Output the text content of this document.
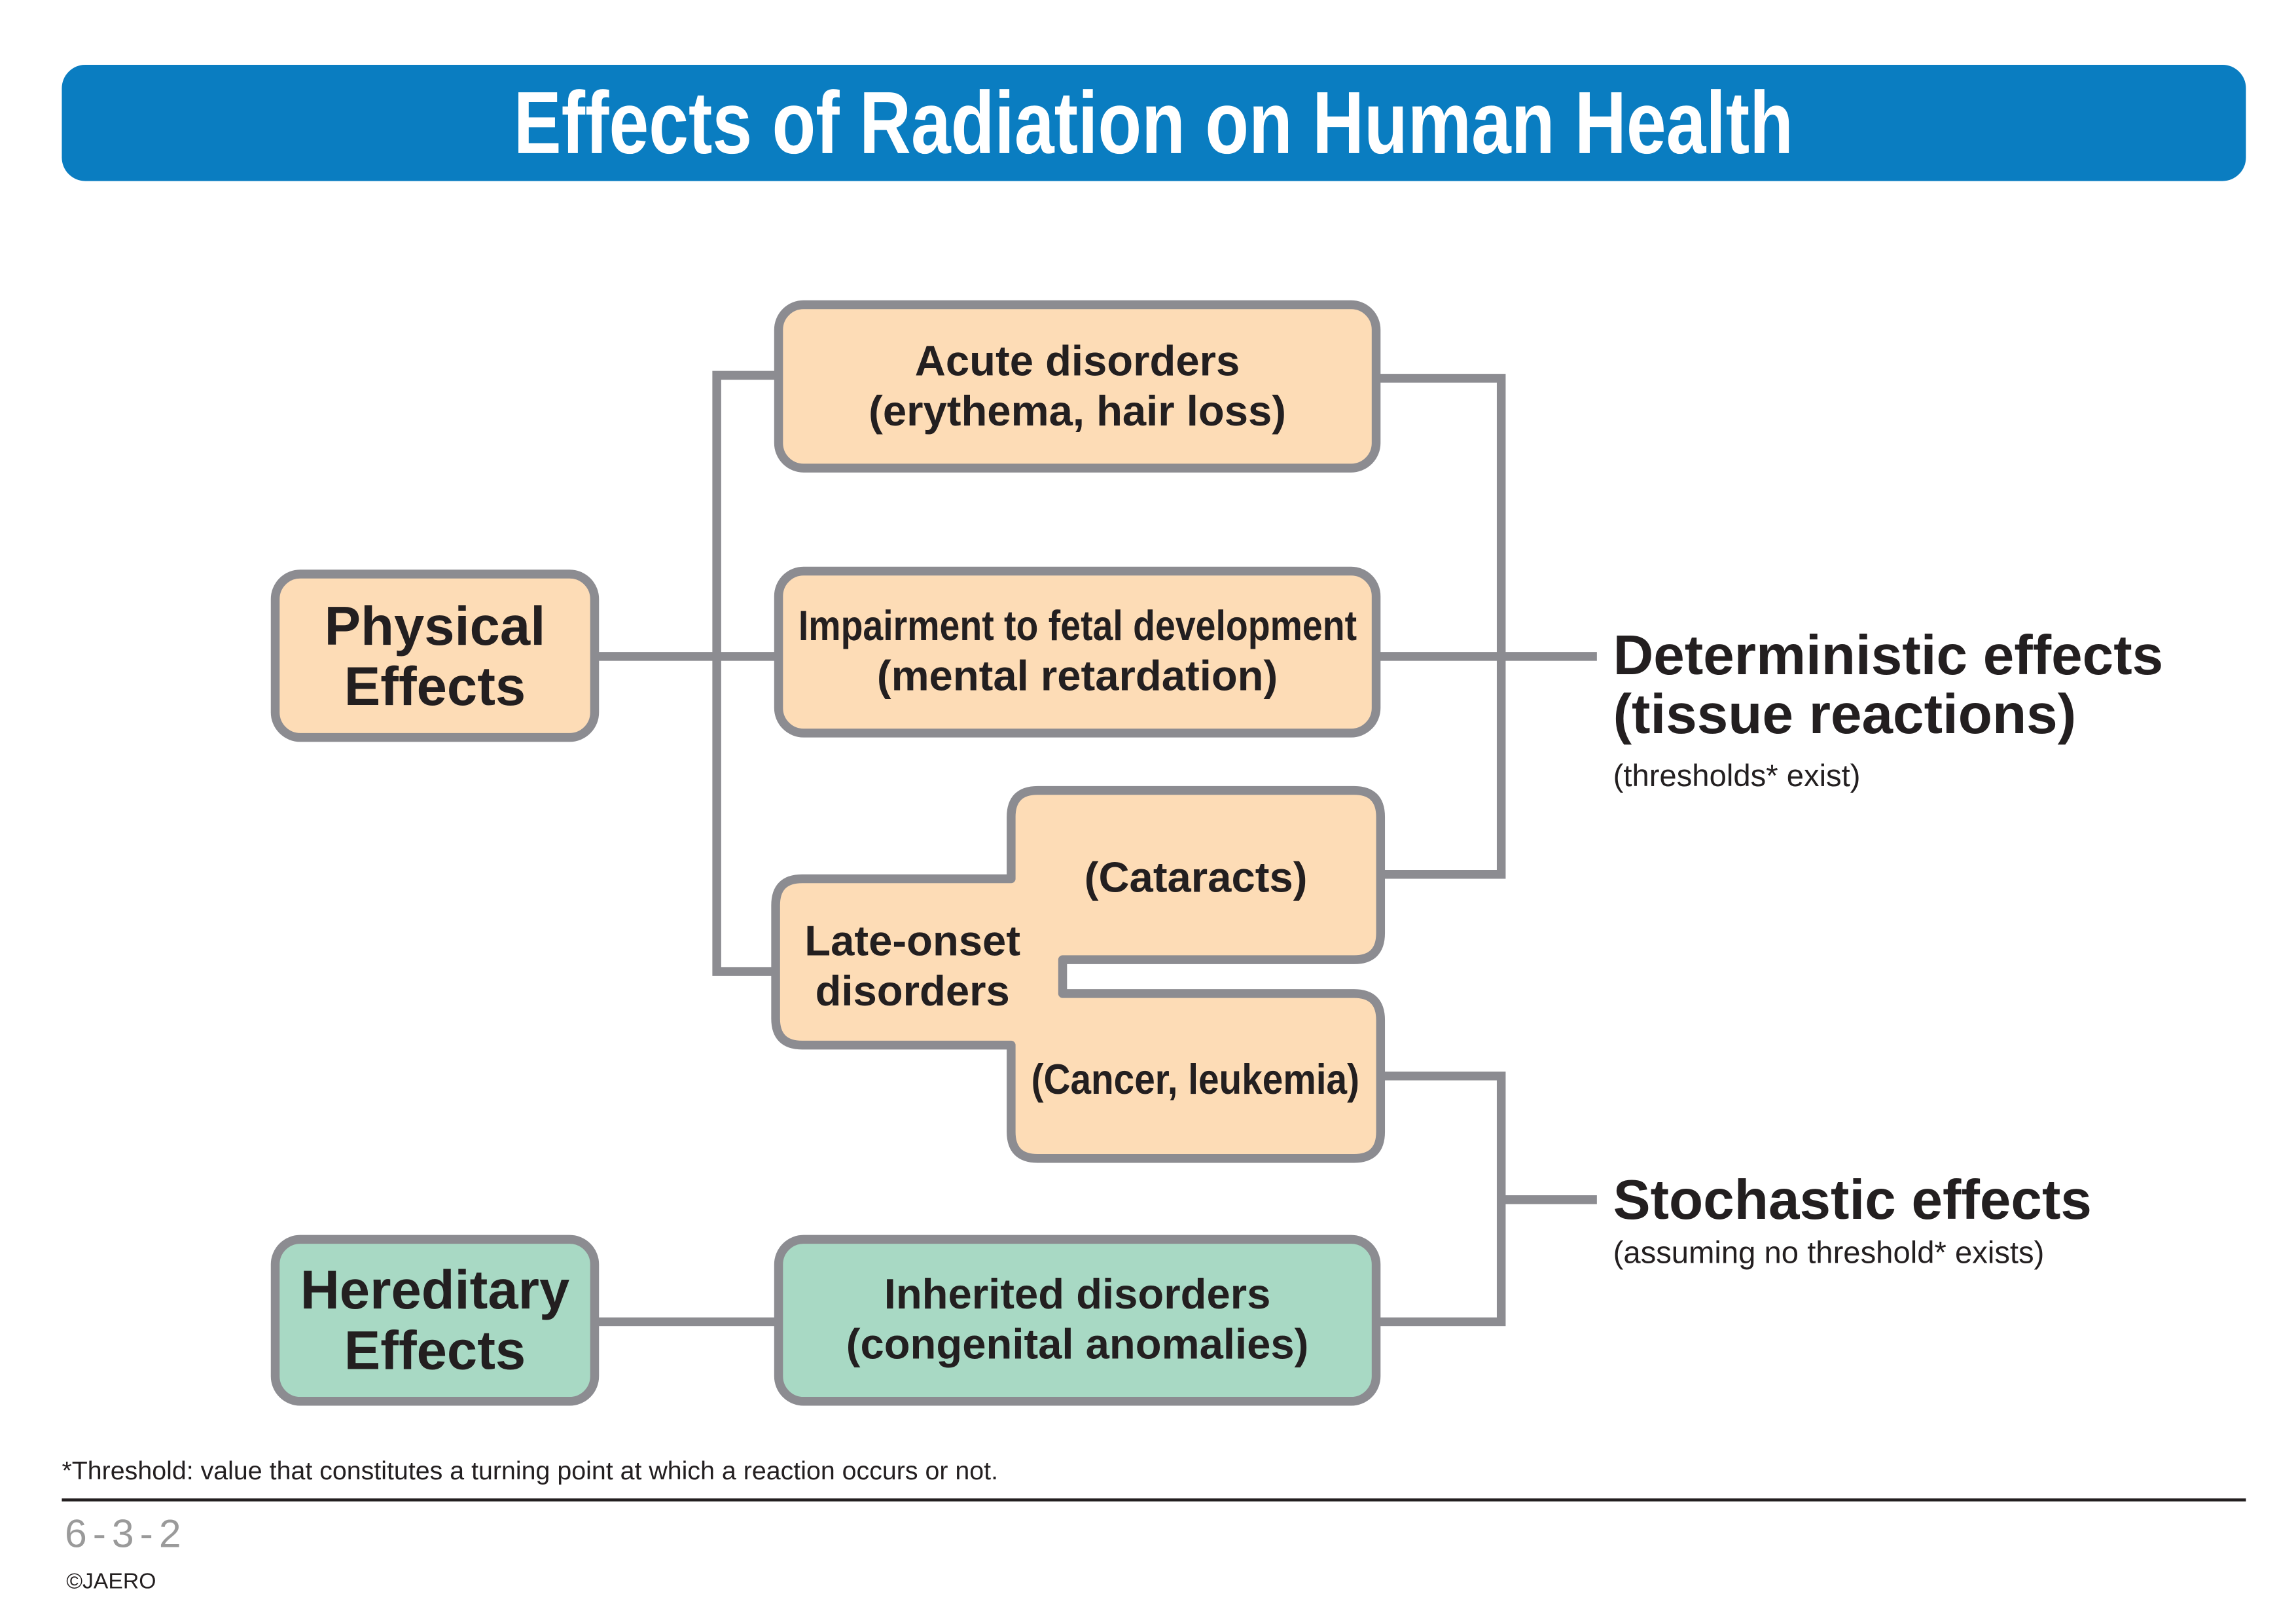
Effects of Radiation on Human Health
Physical
Effects
Hereditary
Effects
Acute disorders
(erythema, hair loss)
Impairment to fetal development
(mental retardation)
Inherited disorders
(congenital anomalies)
(Cataracts)
Late-onset
disorders
(Cancer, leukemia)
Deterministic effects
(tissue reactions)
(thresholds* exist)
Stochastic effects
(assuming no threshold* exists)
*Threshold: value that constitutes a turning point at which a reaction occurs or not.
6-3-2
©JAERO
